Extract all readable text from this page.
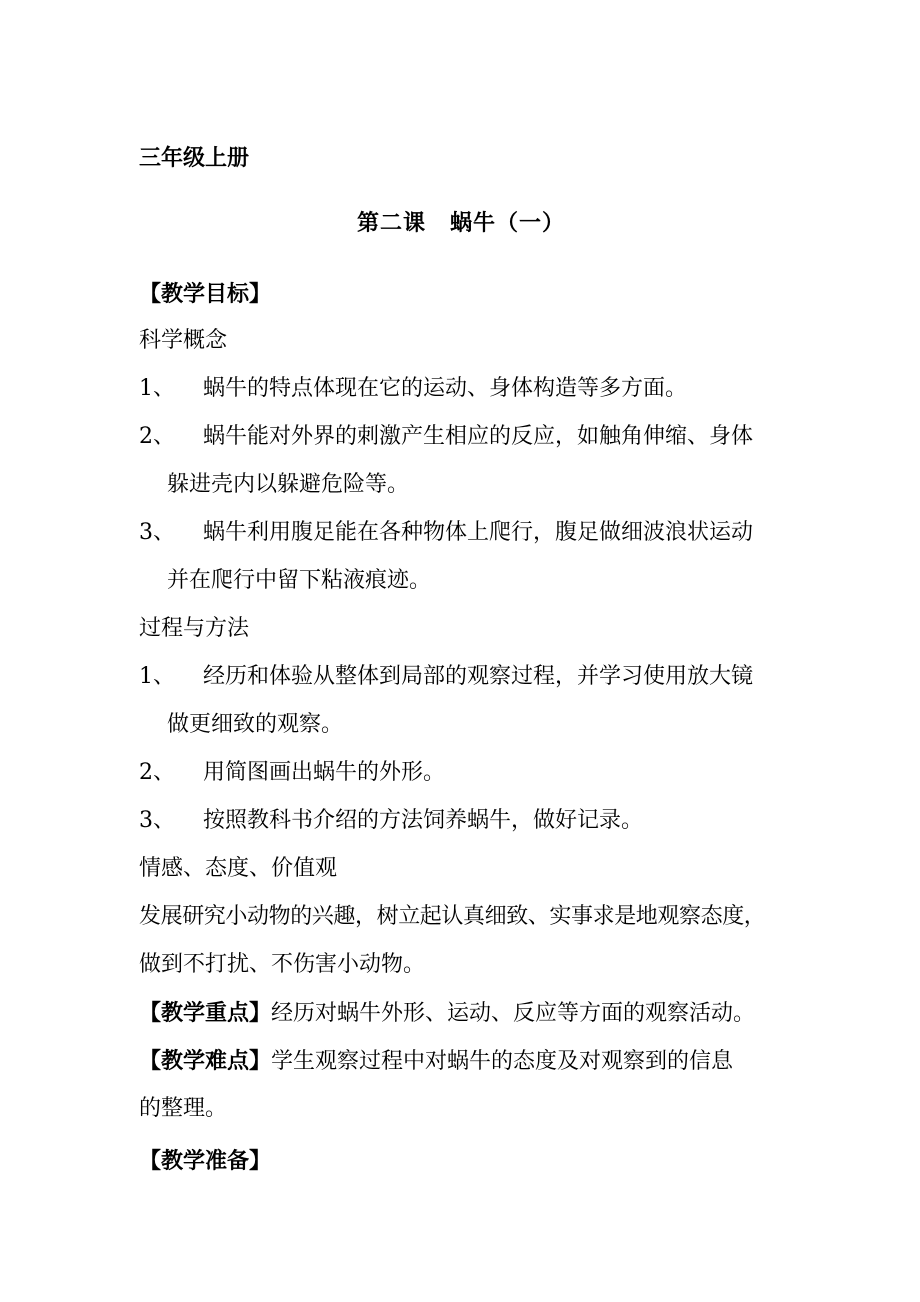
三年级上册
第二课 蜗牛（一）
【教学目标】
科学概念
1、 蜗牛的特点体现在它的运动、身体构造等多方面。
2、 蜗牛能对外界的刺激产生相应的反应，如触角伸缩、身体
躲进壳内以躲避危险等。
3、 蜗牛利用腹足能在各种物体上爬行，腹足做细波浪状运动
并在爬行中留下粘液痕迹。
过程与方法
1、 经历和体验从整体到局部的观察过程，并学习使用放大镜
做更细致的观察。
2、 用简图画出蜗牛的外形。
3、 按照教科书介绍的方法饲养蜗牛，做好记录。
情感、态度、价值观
发展研究小动物的兴趣，树立起认真细致、实事求是地观察态度，
做到不打扰、不伤害小动物。
【教学重点】经历对蜗牛外形、运动、反应等方面的观察活动。
【教学难点】学生观察过程中对蜗牛的态度及对观察到的信息
的整理。
【教学准备】
